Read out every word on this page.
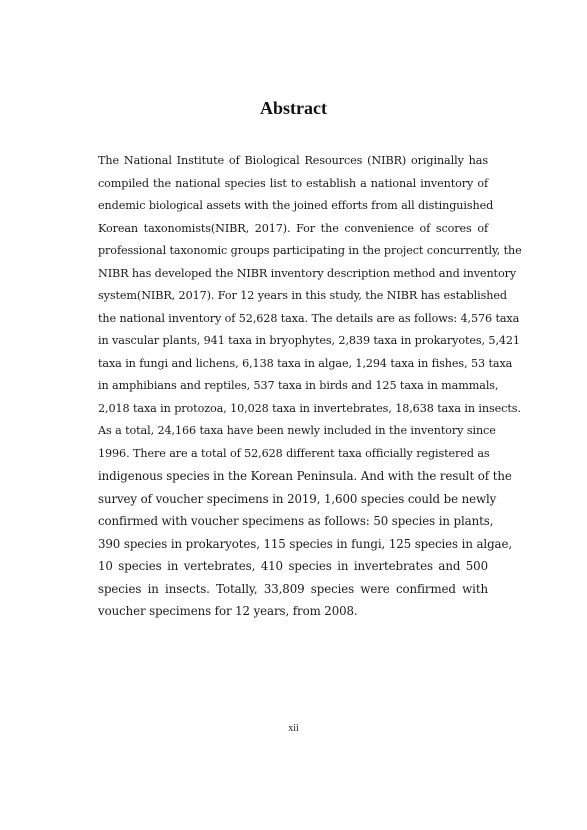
Abstract
The National Institute of Biological Resources (NIBR) originally has
compiled the national species list to establish a national inventory of
endemic biological assets with the joined efforts from all distinguished
Korean taxonomists(NIBR, 2017). For the convenience of scores of
professional taxonomic groups participating in the project concurrently, the
NIBR has developed the NIBR inventory description method and inventory
system(NIBR, 2017). For 12 years in this study, the NIBR has established
the national inventory of 52,628 taxa. The details are as follows: 4,576 taxa
in vascular plants, 941 taxa in bryophytes, 2,839 taxa in prokaryotes, 5,421
taxa in fungi and lichens, 6,138 taxa in algae, 1,294 taxa in fishes, 53 taxa
in amphibians and reptiles, 537 taxa in birds and 125 taxa in mammals,
2,018 taxa in protozoa, 10,028 taxa in invertebrates, 18,638 taxa in insects.
As a total, 24,166 taxa have been newly included in the inventory since
1996. There are a total of 52,628 different taxa officially registered as
indigenous species in the Korean Peninsula. And with the result of the
survey of voucher specimens in 2019, 1,600 species could be newly
confirmed with voucher specimens as follows: 50 species in plants,
390 species in prokaryotes, 115 species in fungi, 125 species in algae,
10 species in vertebrates, 410 species in invertebrates and 500
species in insects. Totally, 33,809 species were confirmed with
voucher specimens for 12 years, from 2008.

xii
